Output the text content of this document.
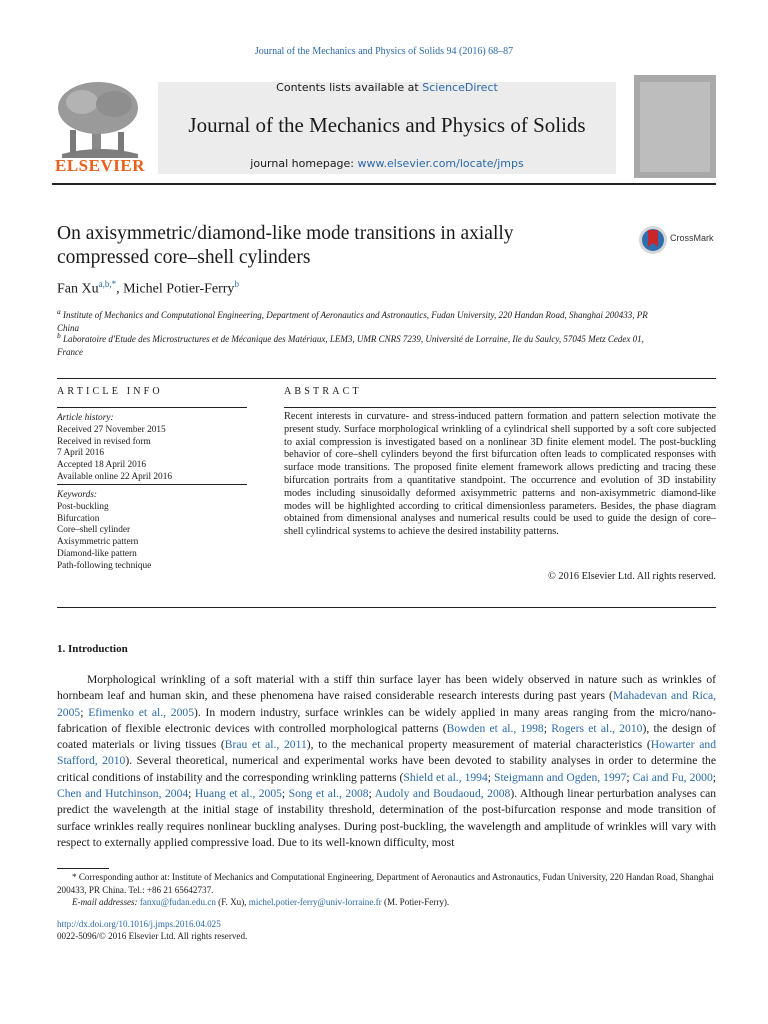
Journal of the Mechanics and Physics of Solids 94 (2016) 68–87
ELSEVIER
Contents lists available at ScienceDirect
Journal of the Mechanics and Physics of Solids
journal homepage: www.elsevier.com/locate/jmps
On axisymmetric/diamond-like mode transitions in axially
compressed core–shell cylinders
CrossMark
Fan $Xu^{a,b,*}$, Michel Potier-Ferry$^b$
$^a$ Institute of Mechanics and Computational Engineering, Department of Aeronautics and Astronautics, Fudan University, 220 Handan Road, Shanghai 200433, PR China
$^b$ Laboratoire d'Etude des Microstructures et de Mécanique des Matériaux, LEM3, UMR CNRS 7239, Université de Lorraine, Ile du Saulcy, 57045 Metz Cedex 01, France
ARTICLE INFO	ABSTRACT
Article history:
Received 27 November 2015
Received in revised form
7 April 2016
Accepted 18 April 2016
Available online 22 April 2016
Keywords:
Post-buckling
Bifurcation
Core–shell cylinder
Axisymmetric pattern
Diamond-like pattern
Path-following technique
Recent interests in curvature- and stress-induced pattern formation and pattern selection motivate the present study. Surface morphological wrinkling of a cylindrical shell supported by a soft core subjected to axial compression is investigated based on a nonlinear 3D finite element model. The post-buckling behavior of core–shell cylinders beyond the first bifurcation often leads to complicated responses with surface mode transitions. The proposed finite element framework allows predicting and tracing these bifurcation portraits from a quantitative standpoint. The occurrence and evolution of 3D instability modes including sinusoidally deformed axisymmetric patterns and non-axisymmetric diamond-like modes will be highlighted according to critical dimensionless parameters. Besides, the phase diagram obtained from dimensional analyses and numerical results could be used to guide the design of core–shell cylindrical systems to achieve the desired instability patterns.
© 2016 Elsevier Ltd. All rights reserved.
1. Introduction
Morphological wrinkling of a soft material with a stiff thin surface layer has been widely observed in nature such as wrinkles of hornbeam leaf and human skin, and these phenomena have raised considerable research interests during past years (Mahadevan and Rica, 2005; Efimenko et al., 2005). In modern industry, surface wrinkles can be widely applied in many areas ranging from the micro/nano-fabrication of flexible electronic devices with controlled morphological patterns (Bowden et al., 1998; Rogers et al., 2010), the design of coated materials or living tissues (Brau et al., 2011), to the mechanical property measurement of material characteristics (Howarter and Stafford, 2010). Several theoretical, numerical and experimental works have been devoted to stability analyses in order to determine the critical conditions of instability and the corresponding wrinkling patterns (Shield et al., 1994; Steigmann and Ogden, 1997; Cai and Fu, 2000; Chen and Hutchinson, 2004; Huang et al., 2005; Song et al., 2008; Audoly and Boudaoud, 2008). Although linear perturbation analyses can predict the wavelength at the initial stage of instability threshold, determination of the post-bifurcation response and mode transition of surface wrinkles really requires nonlinear buckling analyses. During post-buckling, the wavelength and amplitude of wrinkles will vary with respect to externally applied compressive load. Due to its well-known difficulty, most
* Corresponding author at: Institute of Mechanics and Computational Engineering, Department of Aeronautics and Astronautics, Fudan University, 220 Handan Road, Shanghai 200433, PR China. Tel.: +86 21 65642737.
E-mail addresses: fanxu@fudan.edu.cn (F. Xu), michel.potier-ferry@univ-lorraine.fr (M. Potier-Ferry).
http://dx.doi.org/10.1016/j.jmps.2016.04.025
0022-5096/© 2016 Elsevier Ltd. All rights reserved.
